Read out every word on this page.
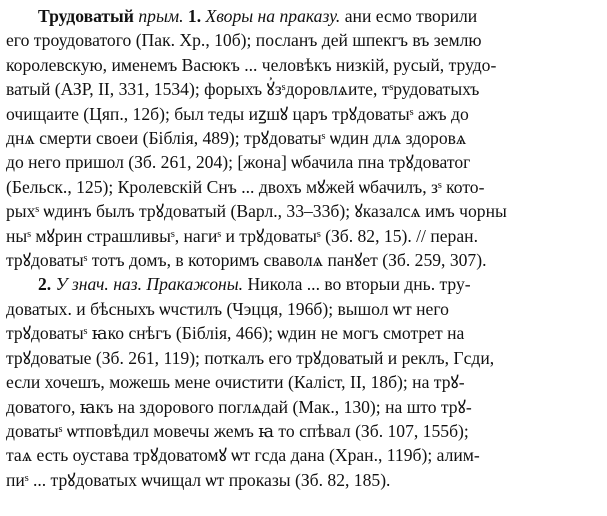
Трудоватый прым. 1. Хворы на праказу. ани есмо творили
его троудоватого (Пак. Хр., 10б); посланъ дей шпекгъ въ землю
королевскую, именемъ Васюкъ ... человѣкъ низкій, русый, трудо-
ватый (АЗР, II, 331, 1534); форыхъ ꙋ҆зˢдоровлѧите, тˢрудоватыхъ
очищаите (Цяп., 12б); был теды иꙁшꙋ царъ трꙋдоватыˢ ажъ до
днѧ смерти своеи (Біблія, 489); трꙋдоватыˢ ѡдин длѧ здоровѧ
до него пришол (Зб. 261, 204); [жона] ѡбачила пна трꙋдоватог
(Бельск., 125); Кролевскій Снъ ... двохъ мꙋжей ѡбачилъ, зˢ кото-
рыхˢ ѡдинъ былъ трꙋдоватый (Варл., 33–33б); ꙋказалсѧ имъ чорны
ныˢ мꙋрин страшливыˢ, нагиˢ и трꙋдоватыˢ (Зб. 82, 15). // перан.
трꙋдоватыˢ тотъ домъ, в которимъ сваволѧ панꙋет (Зб. 259, 307).
2. У знач. наз. Пракажоны. Никола ... во вторыи днь. тру-
доватых. и бѣсныхъ ѡчстилъ (Чэцця, 196б); вышол ѡт него
трꙋдоватыˢ ꙗко снѣгъ (Біблія, 466); ѡдин не могъ смотрет на
трꙋдоватые (Зб. 261, 119); поткалъ его трꙋдоватый и реклъ, Гсди,
если хочешъ, можешь мене очистити (Каліст, II, 18б); на трꙋ-
доватого, ꙗкъ на здорового поглѧдай (Мак., 130); на што трꙋ-
доватыˢ ѡтповѣдил мовечы жемъ ꙗ то спѣвал (Зб. 107, 155б);
таѧ есть оустава трꙋдоватомꙋ ѡт гсда дана (Хран., 119б); алим-
пиˢ ... трꙋдоватых ѡчищал ѡт проказы (Зб. 82, 185).
